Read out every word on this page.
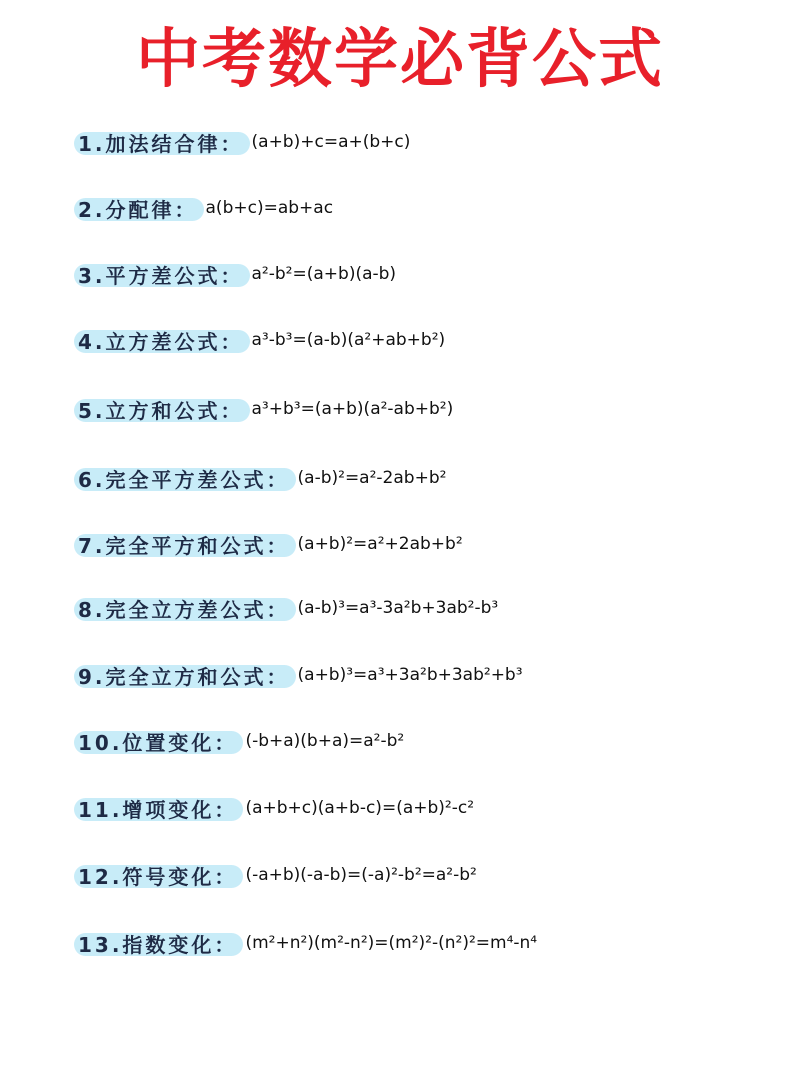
中考数学必背公式
1.加法结合律： (a+b)+c=a+(b+c)
2.分配律： a(b+c)=ab+ac
3.平方差公式： a²-b²=(a+b)(a-b)
4.立方差公式： a³-b³=(a-b)(a²+ab+b²)
5.立方和公式： a³+b³=(a+b)(a²-ab+b²)
6.完全平方差公式： (a-b)²=a²-2ab+b²
7.完全平方和公式： (a+b)²=a²+2ab+b²
8.完全立方差公式： (a-b)³=a³-3a²b+3ab²-b³
9.完全立方和公式： (a+b)³=a³+3a²b+3ab²+b³
10.位置变化： (-b+a)(b+a)=a²-b²
11.增项变化： (a+b+c)(a+b-c)=(a+b)²-c²
12.符号变化： (-a+b)(-a-b)=(-a)²-b²=a²-b²
13.指数变化： (m²+n²)(m²-n²)=(m²)²-(n²)²=m⁴-n⁴
